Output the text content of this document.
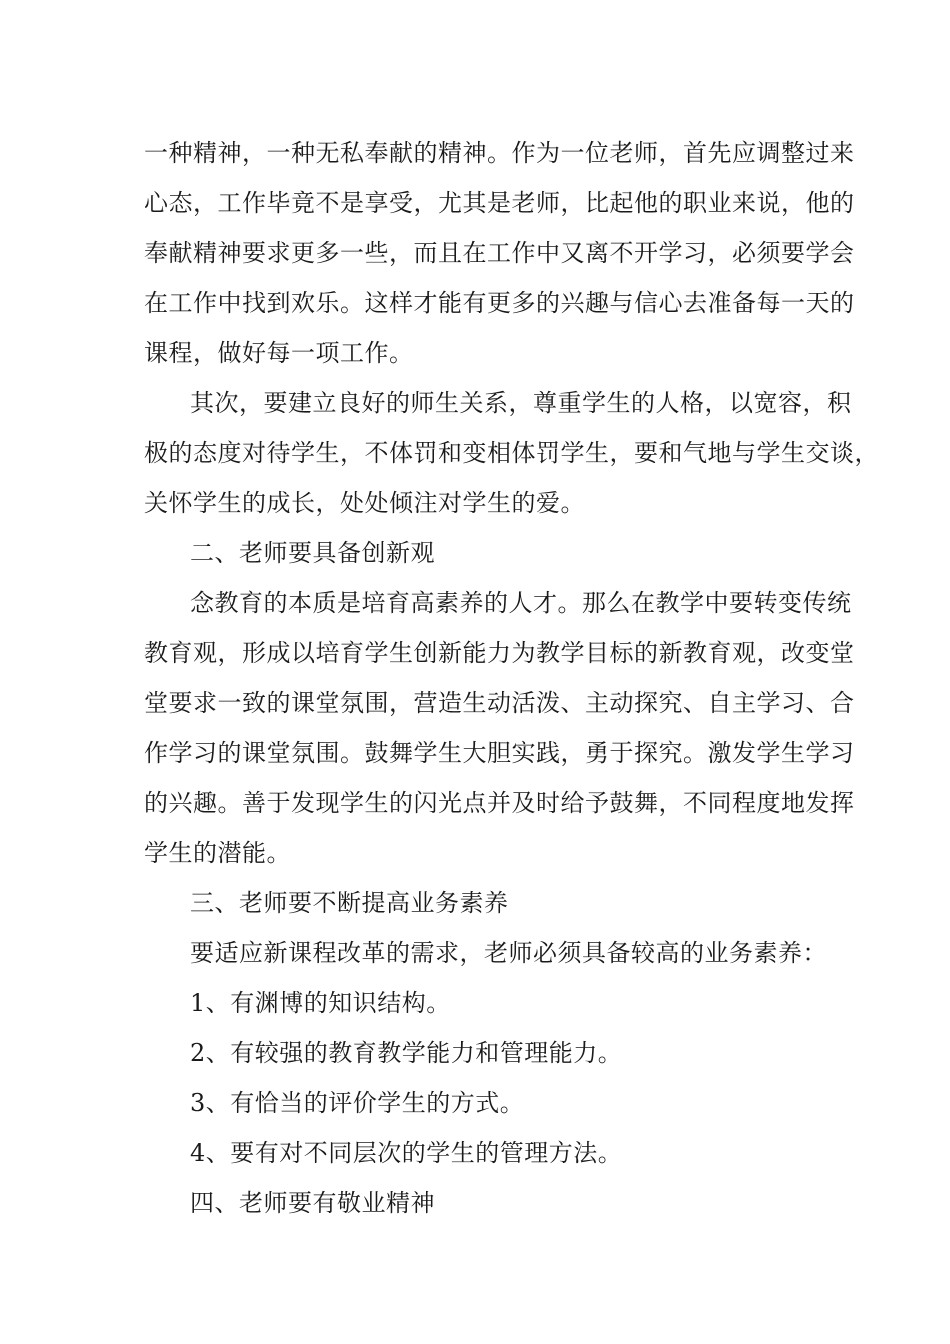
一种精神，一种无私奉献的精神。作为一位老师，首先应调整过来
心态，工作毕竟不是享受，尤其是老师，比起他的职业来说，他的
奉献精神要求更多一些，而且在工作中又离不开学习，必须要学会
在工作中找到欢乐。这样才能有更多的兴趣与信心去准备每一天的
课程，做好每一项工作。
其次，要建立良好的师生关系，尊重学生的人格，以宽容，积
极的态度对待学生，不体罚和变相体罚学生，要和气地与学生交谈，
关怀学生的成长，处处倾注对学生的爱。
二、老师要具备创新观
念教育的本质是培育高素养的人才。那么在教学中要转变传统
教育观，形成以培育学生创新能力为教学目标的新教育观，改变堂
堂要求一致的课堂氛围，营造生动活泼、主动探究、自主学习、合
作学习的课堂氛围。鼓舞学生大胆实践，勇于探究。激发学生学习
的兴趣。善于发现学生的闪光点并及时给予鼓舞，不同程度地发挥
学生的潜能。
三、老师要不断提高业务素养
要适应新课程改革的需求，老师必须具备较高的业务素养：
1、有渊博的知识结构。
2、有较强的教育教学能力和管理能力。
3、有恰当的评价学生的方式。
4、要有对不同层次的学生的管理方法。
四、老师要有敬业精神
